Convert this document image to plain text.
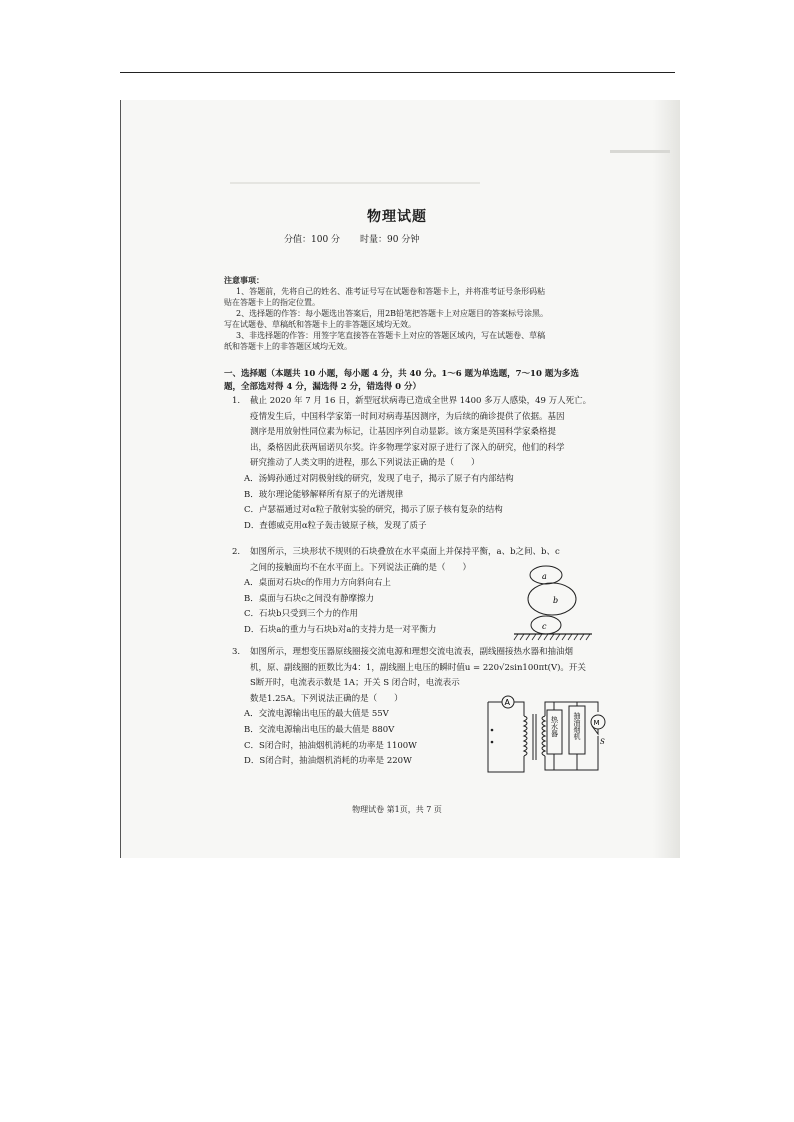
物理试题
分值：100 分 时量：90 分钟

注意事项：

1、答题前，先将自己的姓名、准考证号写在试题卷和答题卡上，并将准考证号条形码粘

贴在答题卡上的指定位置。

2、选择题的作答：每小题选出答案后，用2B铅笔把答题卡上对应题目的答案标号涂黑。

写在试题卷、草稿纸和答题卡上的非答题区域均无效。

3、非选择题的作答：用签字笔直接答在答题卡上对应的答题区域内，写在试题卷、草稿

纸和答题卡上的非答题区域均无效。

一、选择题（本题共 10 小题，每小题 4 分，共 40 分。1～6 题为单选题，7～10 题为多选
题，全部选对得 4 分，漏选得 2 分，错选得 0 分）
1. 截止 2020 年 7 月 16 日，新型冠状病毒已造成全世界 1400 多万人感染，49 万人死亡。
疫情发生后，中国科学家第一时间对病毒基因测序，为后续的确诊提供了依据。基因
测序是用放射性同位素为标记，让基因序列自动显影。该方案是英国科学家桑格提
出，桑格因此获两届诺贝尔奖。许多物理学家对原子进行了深入的研究，他们的科学
研究推动了人类文明的进程，那么下列说法正确的是（　　）
A．汤姆孙通过对阴极射线的研究，发现了电子，揭示了原子有内部结构
B．玻尔理论能够解释所有原子的光谱规律
C．卢瑟福通过对α粒子散射实验的研究，揭示了原子核有复杂的结构
D．査德威克用α粒子轰击铍原子核，发现了质子
2. 如图所示，三块形状不规则的石块叠放在水平桌面上并保持平衡，a、b之间、b、c
之间的接触面均不在水平面上。下列说法正确的是（　　）
A．桌面对石块c的作用力方向斜向右上
B．桌面与石块c之间没有静摩擦力
C．石块b只受到三个力的作用
D．石块a的重力与石块b对a的支持力是一对平衡力
a
b
c
3. 如图所示，理想变压器原线圈接交流电源和理想交流电流表，副线圈接热水器和抽油烟
机，原、副线圈的匝数比为4：1，副线圈上电压的瞬时值u = 220√2sin100πt(V)。开关
S断开时，电流表示数是 1A；开关 S 闭合时，电流表示
数是1.25A。下列说法正确的是（　　）
A．交流电源输出电压的最大值是 55V
B．交流电源输出电压的最大值是 880V
C．S闭合时，抽油烟机消耗的功率是 1100W
D．S闭合时，抽油烟机消耗的功率是 220W
A
M
S
热水器 抽油烟机
物理试卷 第1页，共 7 页
